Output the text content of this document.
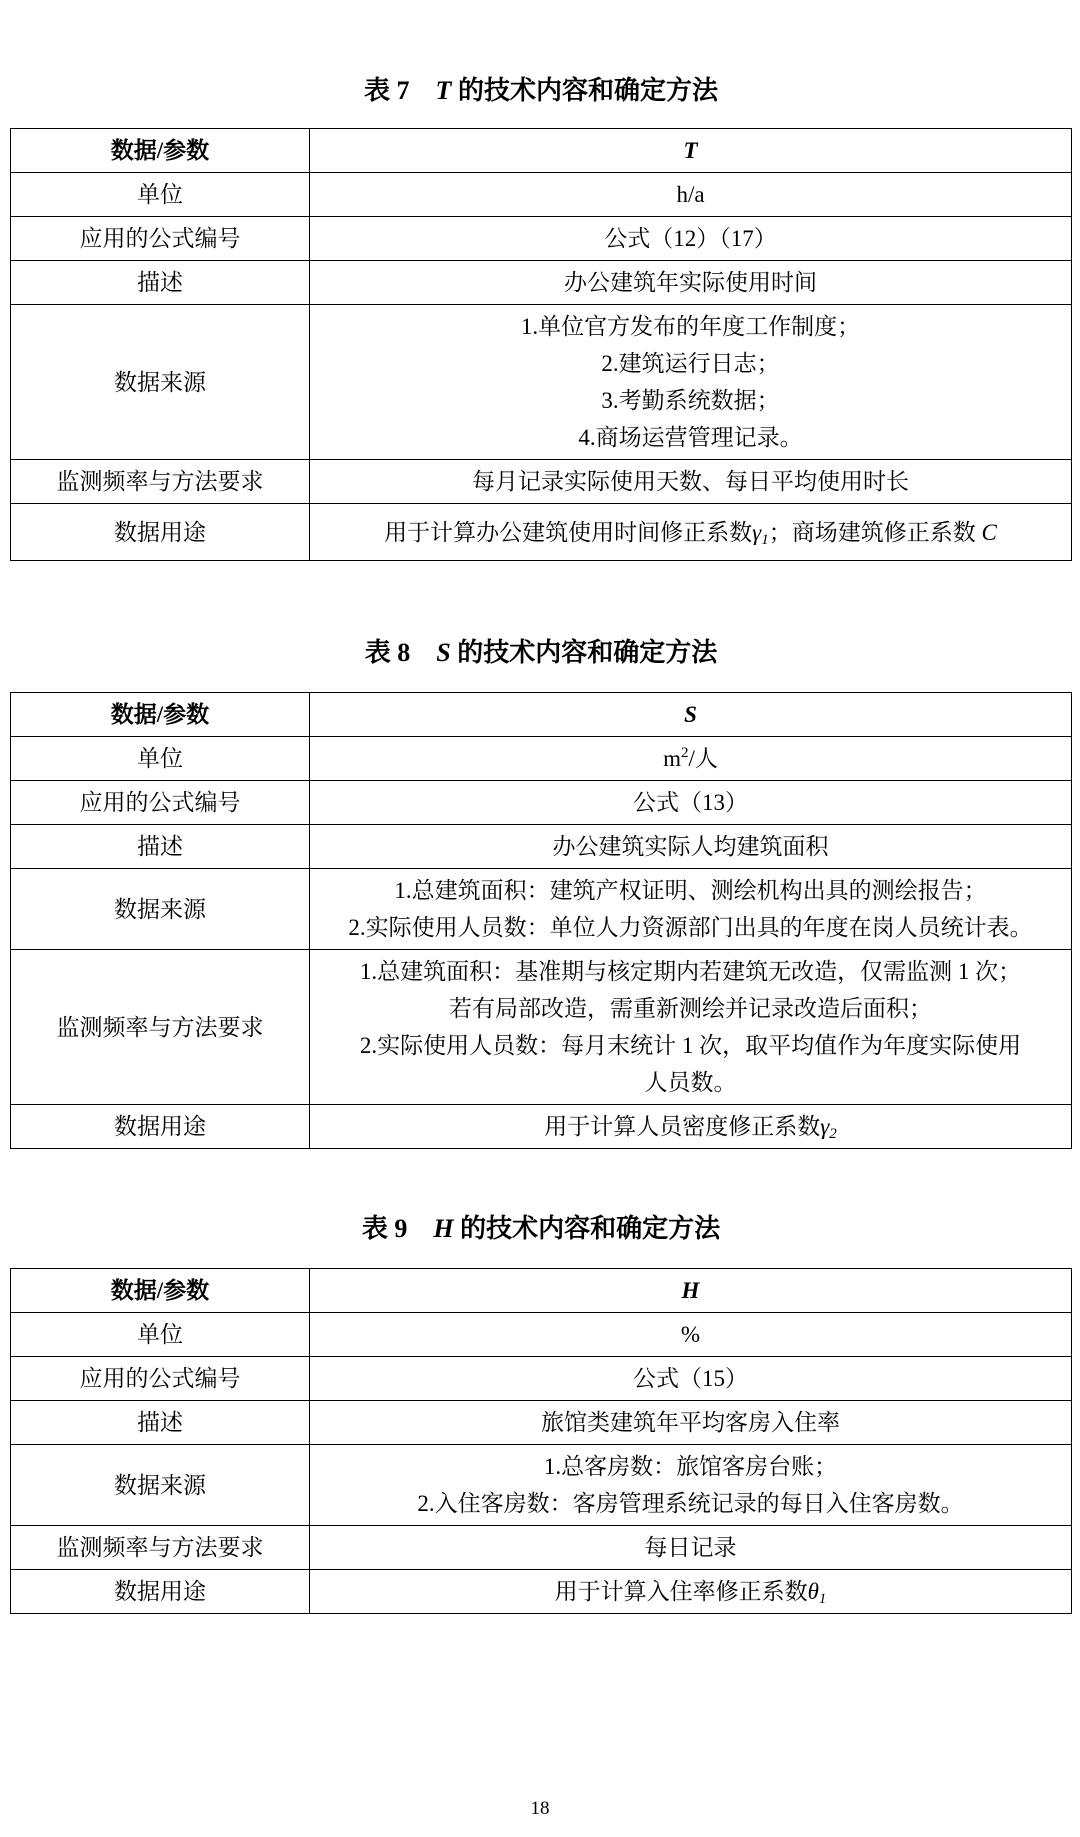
表 7 T 的技术内容和确定方法
数据/参数	T
单位	h/a
应用的公式编号	公式（12）（17）
描述	办公建筑年实际使用时间
数据来源	1.单位官方发布的年度工作制度；
2.建筑运行日志；
3.考勤系统数据；
4.商场运营管理记录。

监测频率与方法要求	每月记录实际使用天数、每日平均使用时长
数据用途	用于计算办公建筑使用时间修正系数$\gamma_1$；商场建筑修正系数 C
表 8 S 的技术内容和确定方法
数据/参数	S
单位	$m^2/$人
应用的公式编号	公式（13）
描述	办公建筑实际人均建筑面积
数据来源	1.总建筑面积：建筑产权证明、测绘机构出具的测绘报告；
2.实际使用人员数：单位人力资源部门出具的年度在岗人员统计表。

监测频率与方法要求	1.总建筑面积：基准期与核定期内若建筑无改造，仅需监测 1 次；
若有局部改造，需重新测绘并记录改造后面积；
2.实际使用人员数：每月末统计 1 次，取平均值作为年度实际使用
人员数。

数据用途	用于计算人员密度修正系数$\gamma_2$
表 9 H 的技术内容和确定方法
数据/参数	H
单位	%
应用的公式编号	公式（15）
描述	旅馆类建筑年平均客房入住率
数据来源	1.总客房数：旅馆客房台账；
2.入住客房数：客房管理系统记录的每日入住客房数。

监测频率与方法要求	每日记录
数据用途	用于计算入住率修正系数$\theta_1$
18
